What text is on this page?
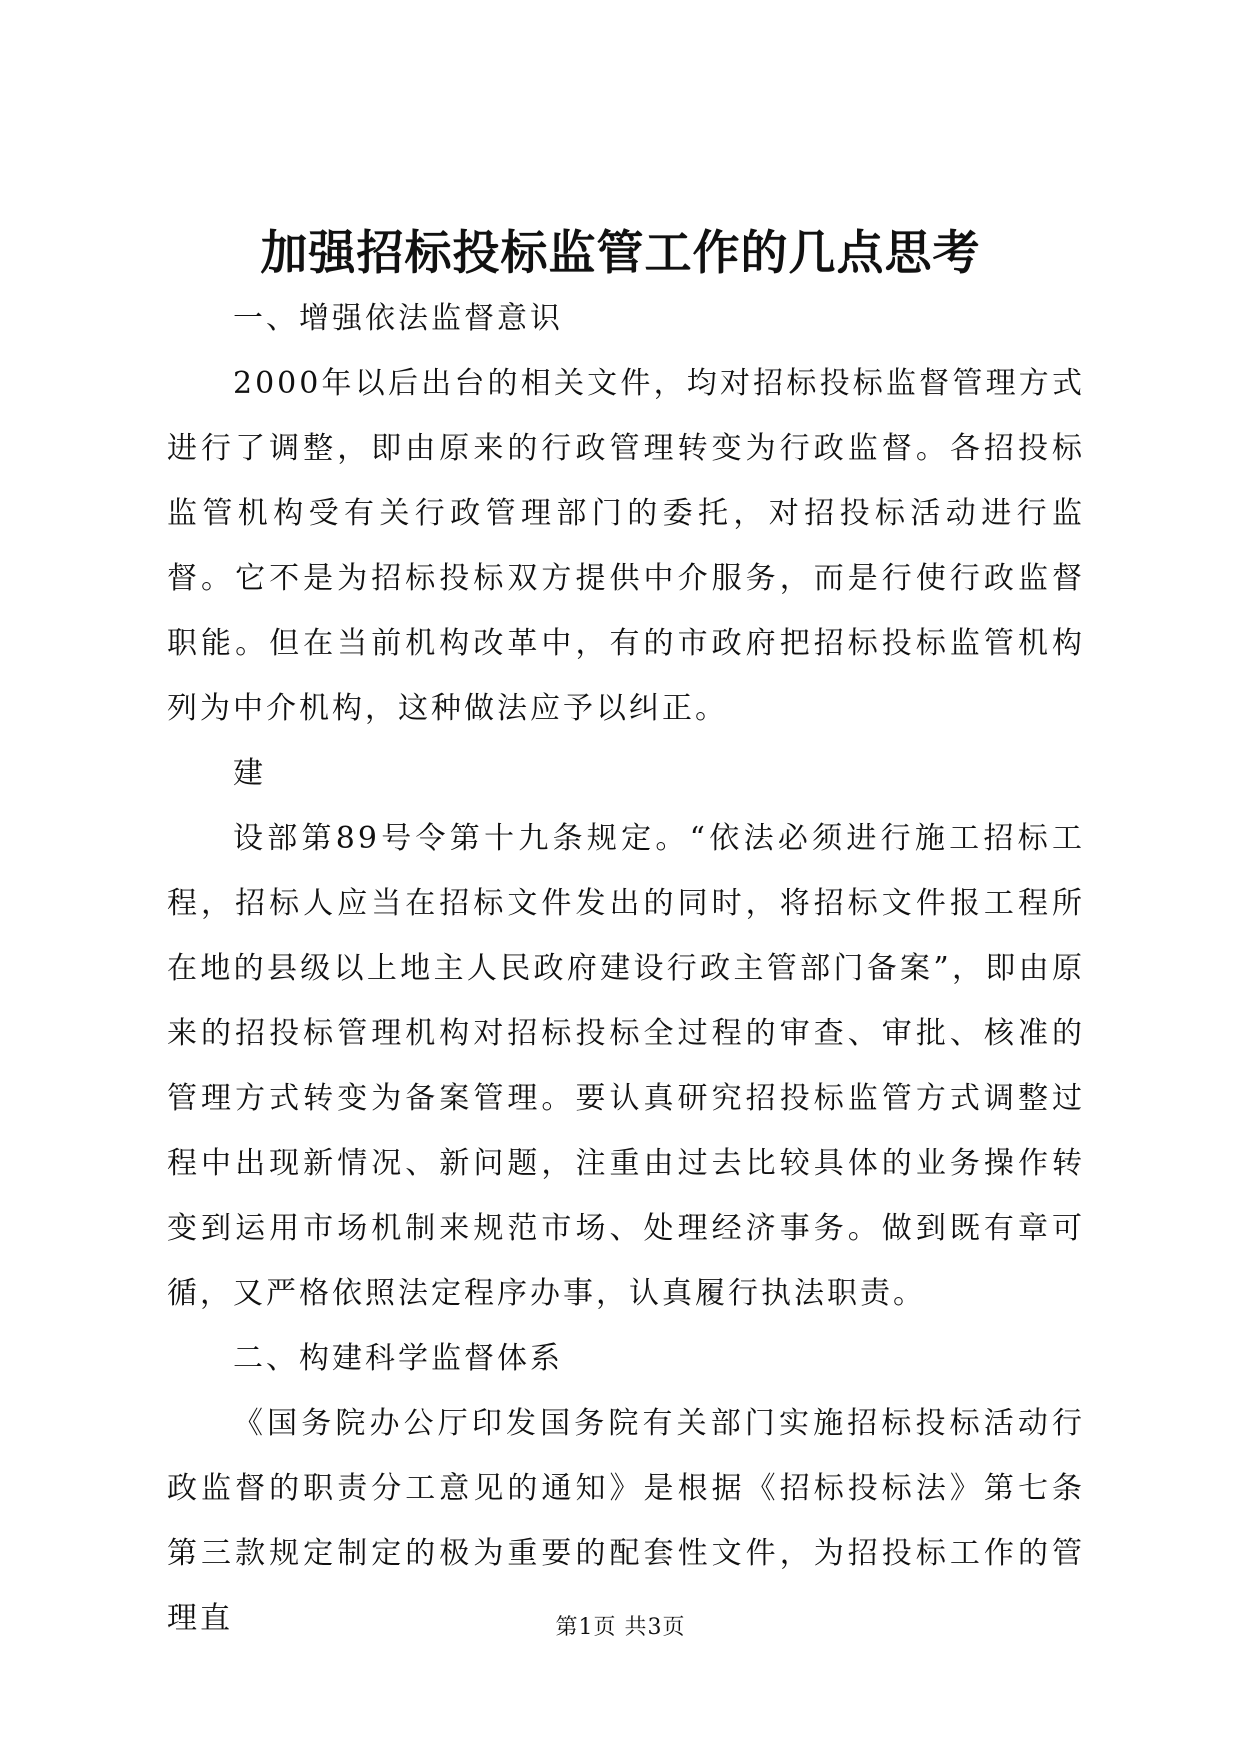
加强招标投标监管工作的几点思考

一、增强依法监督意识

2000年以后出台的相关文件，均对招标投标监督管理方式进行了调整，即由原来的行政管理转变为行政监督。各招投标监管机构受有关行政管理部门的委托，对招投标活动进行监督。它不是为招标投标双方提供中介服务，而是行使行政监督职能。但在当前机构改革中，有的市政府把招标投标监管机构列为中介机构，这种做法应予以纠正。

建

设部第89号令第十九条规定。“依法必须进行施工招标工程，招标人应当在招标文件发出的同时，将招标文件报工程所在地的县级以上地主人民政府建设行政主管部门备案”，即由原来的招投标管理机构对招标投标全过程的审查、审批、核准的管理方式转变为备案管理。要认真研究招投标监管方式调整过程中出现新情况、新问题，注重由过去比较具体的业务操作转变到运用市场机制来规范市场、处理经济事务。做到既有章可循，又严格依照法定程序办事，认真履行执法职责。

二、构建科学监督体系

《国务院办公厅印发国务院有关部门实施招标投标活动行政监督的职责分工意见的通知》是根据《招标投标法》第七条第三款规定制定的极为重要的配套性文件，为招投标工作的管理直	第1页 共3页
